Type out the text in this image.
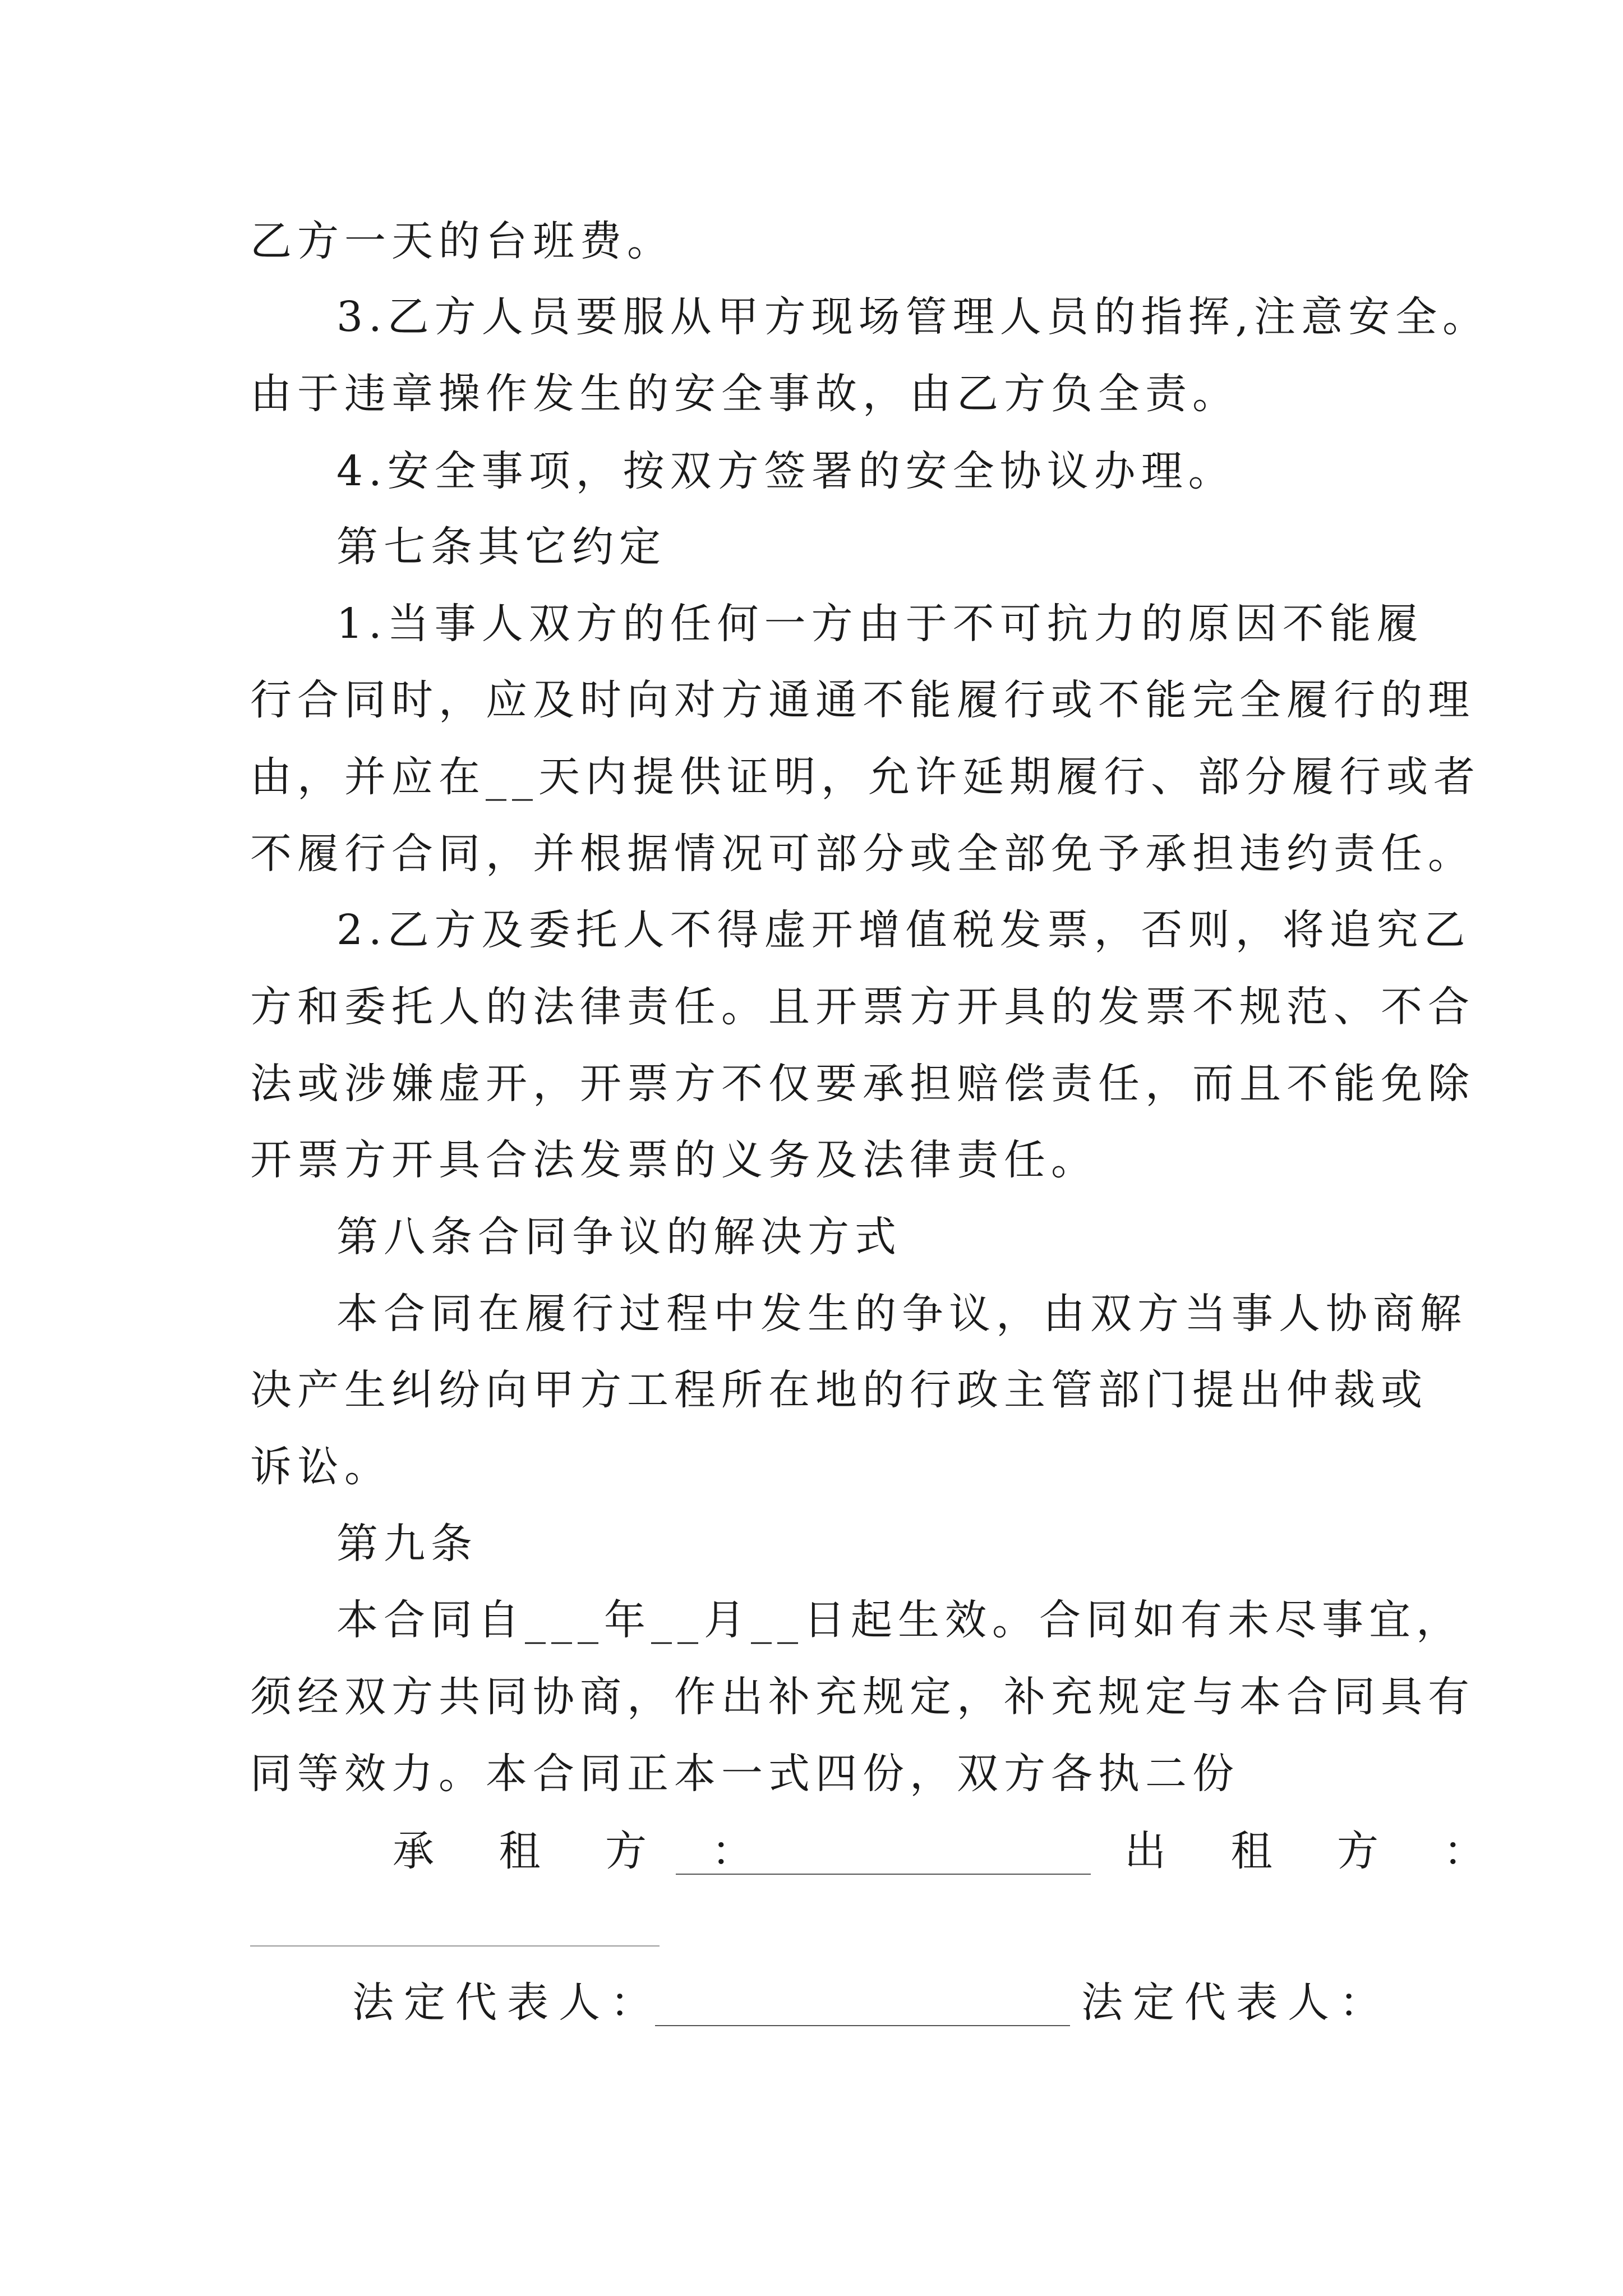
乙方一天的台班费。
3.乙方人员要服从甲方现场管理人员的指挥,注意安全。
由于违章操作发生的安全事故，由乙方负全责。
4.安全事项，按双方签署的安全协议办理。
第七条其它约定
1.当事人双方的任何一方由于不可抗力的原因不能履
行合同时，应及时向对方通通不能履行或不能完全履行的理
由，并应在__天内提供证明，允许延期履行、部分履行或者
不履行合同，并根据情况可部分或全部免予承担违约责任。
2.乙方及委托人不得虚开增值税发票，否则，将追究乙
方和委托人的法律责任。且开票方开具的发票不规范、不合
法或涉嫌虚开，开票方不仅要承担赔偿责任，而且不能免除
开票方开具合法发票的义务及法律责任。
第八条合同争议的解决方式
本合同在履行过程中发生的争议，由双方当事人协商解
决产生纠纷向甲方工程所在地的行政主管部门提出仲裁或
诉讼。
第九条
本合同自___年__月__日起生效。合同如有未尽事宜，
须经双方共同协商，作出补充规定，补充规定与本合同具有
同等效力。本合同正本一式四份，双方各执二份
承 租 方 ：	出 租 方 ：
法定代表人：	法定代表人：
